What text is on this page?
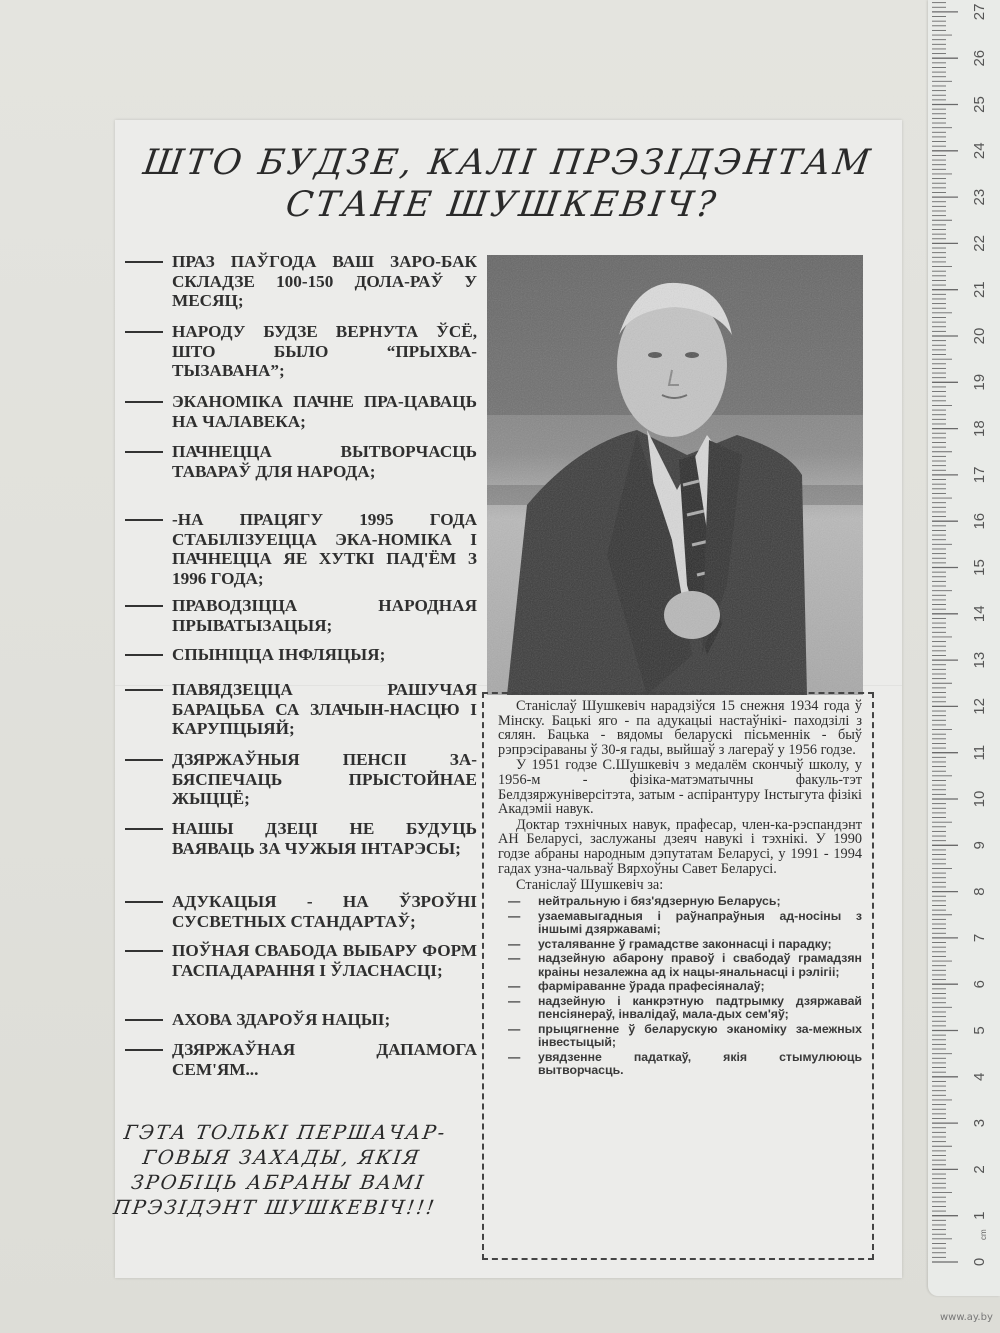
ШТО БУДЗЕ, КАЛІ ПРЭЗІДЭНТАМ
СТАНЕ ШУШКЕВІЧ?
ПРАЗ ПАЎГОДА ВАШ ЗАРО-БАК СКЛАДЗЕ 100-150 ДОЛА-РАЎ У МЕСЯЦ;
НАРОДУ БУДЗЕ ВЕРНУТА ЎСЁ, ШТО БЫЛО “ПРЫХВА-ТЫЗАВАНА”;
ЭКАНОМІКА ПАЧНЕ ПРА-ЦАВАЦЬ НА ЧАЛАВЕКА;
ПАЧНЕЦЦА ВЫТВОРЧАСЦЬ ТАВАРАЎ ДЛЯ НАРОДА;
-НА ПРАЦЯГУ 1995 ГОДА СТАБІЛІЗУЕЦЦА ЭКА-НОМІКА І ПАЧНЕЦЦА ЯЕ ХУТКІ ПАД'ЁМ З 1996 ГОДА;
ПРАВОДЗІЦЦА НАРОДНАЯ ПРЫВАТЫЗАЦЫЯ;
СПЫНІЦЦА ІНФЛЯЦЫЯ;
ПАВЯДЗЕЦЦА РАШУЧАЯ БАРАЦЬБА СА ЗЛАЧЫН-НАСЦЮ І КАРУПЦЫЯЙ;
ДЗЯРЖАЎНЫЯ ПЕНСІІ ЗА-БЯСПЕЧАЦЬ ПРЫСТОЙНАЕ ЖЫЦЦЁ;
НАШЫ ДЗЕЦІ НЕ БУДУЦЬ ВАЯВАЦЬ ЗА ЧУЖЫЯ ІНТАРЭСЫ;
АДУКАЦЫЯ - НА ЎЗРОЎНІ СУСВЕТНЫХ СТАНДАРТАЎ;
ПОЎНАЯ СВАБОДА ВЫБАРУ ФОРМ ГАСПАДАРАННЯ І ЎЛАСНАСЦІ;
АХОВА ЗДАРОЎЯ НАЦЫІ;
ДЗЯРЖАЎНАЯ ДАПАМОГА СЕМ'ЯМ...
ГЭТА ТОЛЬКІ ПЕРШАЧАР-ГОВЫЯ ЗАХАДЫ, ЯКІЯ ЗРОБІЦЬ АБРАНЫ ВАМІ ПРЭЗІДЭНТ ШУШКЕВІЧ!!!

Станіслаў Шушкевіч нарадзіўся 15 снежня 1934 года ў Мінску. Бацькі яго - па адукацыі настаўнікі- паходзілі з сялян. Бацька - вядомы беларускі пісьменнік - быў рэпрэсіраваны ў 30-я гады, выйшаў з лагераў у 1956 годзе.

У 1951 годзе С.Шушкевіч з медалём скончыў школу, у 1956-м - фізіка-матэматычны факуль-тэт Белдзяржуніверсітэта, затым - аспірантуру Інстыгута фізікі Акадэміі навук.

Доктар тэхнічных навук, прафесар, член-ка-рэспандэнт АН Беларусі, заслужаны дзеяч навукі і тэхнікі. У 1990 годзе абраны народным дэпутатам Беларусі, у 1991 - 1994 гадах узна-чальваў Вярхоўны Савет Беларусі.

Станіслаў Шушкевіч за:
— нейтральную і бяз'ядзерную Беларусь;
— узаемавыгадныя і раўнапраўныя ад-носіны з іншымі дзяржавамі;
— усталяванне ў грамадстве законнасці і парадку;
— надзейную абарону правоў і свабодаў грамадзян краіны незалежна ад іх нацы-янальнасці і рэлігіі;
— фарміраванне ўрада прафесіяналаў;
— надзейную і канкрэтную падтрымку дзяржавай пенсіянераў, інвалідаў, мала-дых сем'яў;
— прыцягненне ў беларускую эканоміку за-межных інвестыцый;
— увядзенне падаткаў, якія стымулююць вытворчасць.
0
1
2
3
4
5
6
7
8
9
10
11
12
13
14
15
16
17
18
19
20
21
22
23
24
25
26
27
cm
www.ay.by
